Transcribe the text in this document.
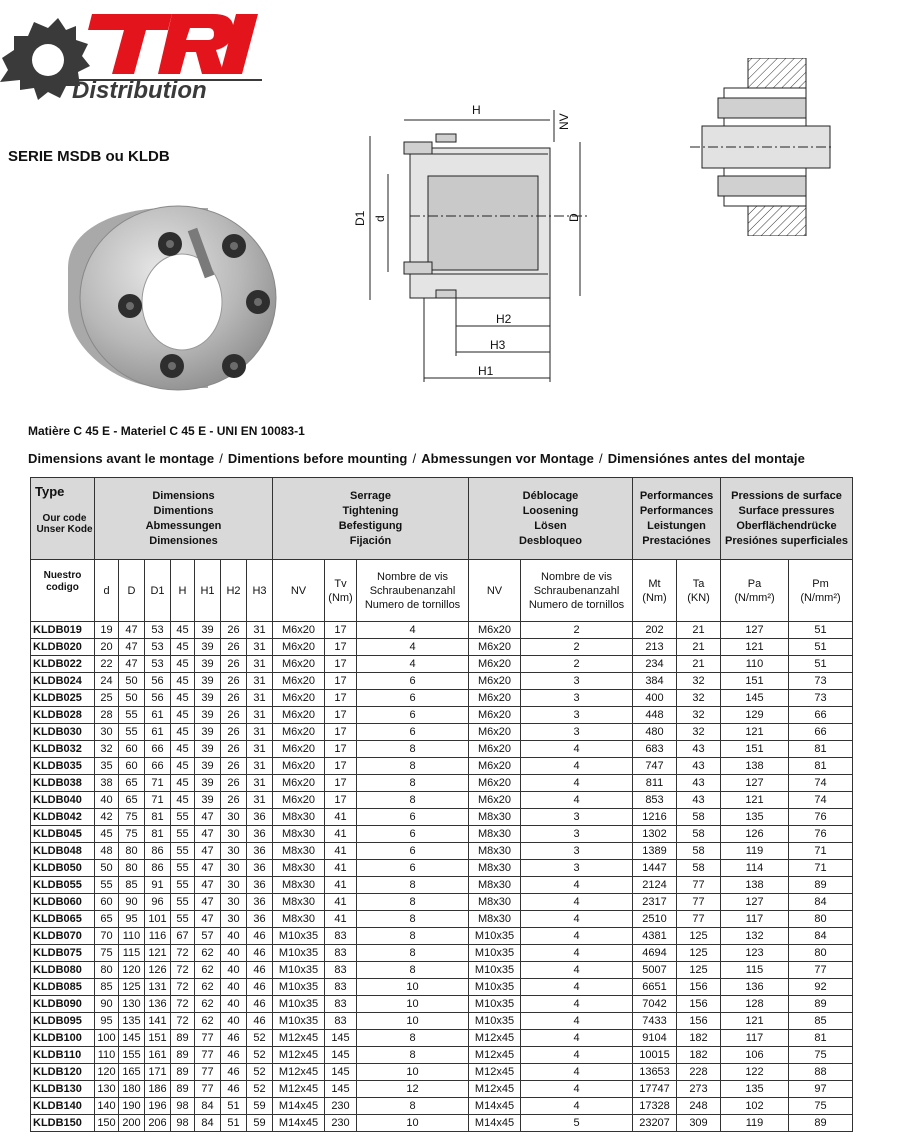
Distribution
SERIE MSDB ou KLDB
H
NV
D1 d	D
H2
H3
H1
Matière C 45 E - Materiel C 45 E - UNI EN 10083-1
Dimensions avant le montage / Dimentions before mounting / Abmessungen vor Montage / Dimensiónes antes del montaje
Type
Our code
Unser Kode	Dimensions
Dimentions
Abmessungen
Dimensiones							Serrage
Tightening
Befestigung
Fijación			Déblocage
Loosening
Lösen
Desbloqueo		Performances
Performances
Leistungen
Prestaciónes		Pressions de surface
Surface pressures
Oberflächendrücke
Presiónes superficiales	

Nuestro
codigo	d	D	D1	H	H1	H2	H3	NV	Tv
(Nm)	Nombre de vis
Schraubenanzahl
Numero de tornillos	NV	Nombre de vis
Schraubenanzahl
Numero de tornillos	Mt
(Nm)	Ta
(KN)	Pa
(N/mm²)	Pm
(N/mm²)

KLDB019	19	47	53	45	39	26	31	M6x20	17	4	M6x20	2	202	21	127	51
KLDB020	20	47	53	45	39	26	31	M6x20	17	4	M6x20	2	213	21	121	51
KLDB022	22	47	53	45	39	26	31	M6x20	17	4	M6x20	2	234	21	110	51
KLDB024	24	50	56	45	39	26	31	M6x20	17	6	M6x20	3	384	32	151	73
KLDB025	25	50	56	45	39	26	31	M6x20	17	6	M6x20	3	400	32	145	73
KLDB028	28	55	61	45	39	26	31	M6x20	17	6	M6x20	3	448	32	129	66
KLDB030	30	55	61	45	39	26	31	M6x20	17	6	M6x20	3	480	32	121	66
KLDB032	32	60	66	45	39	26	31	M6x20	17	8	M6x20	4	683	43	151	81
KLDB035	35	60	66	45	39	26	31	M6x20	17	8	M6x20	4	747	43	138	81
KLDB038	38	65	71	45	39	26	31	M6x20	17	8	M6x20	4	811	43	127	74
KLDB040	40	65	71	45	39	26	31	M6x20	17	8	M6x20	4	853	43	121	74
KLDB042	42	75	81	55	47	30	36	M8x30	41	6	M8x30	3	1216	58	135	76
KLDB045	45	75	81	55	47	30	36	M8x30	41	6	M8x30	3	1302	58	126	76
KLDB048	48	80	86	55	47	30	36	M8x30	41	6	M8x30	3	1389	58	119	71
KLDB050	50	80	86	55	47	30	36	M8x30	41	6	M8x30	3	1447	58	114	71
KLDB055	55	85	91	55	47	30	36	M8x30	41	8	M8x30	4	2124	77	138	89
KLDB060	60	90	96	55	47	30	36	M8x30	41	8	M8x30	4	2317	77	127	84
KLDB065	65	95	101	55	47	30	36	M8x30	41	8	M8x30	4	2510	77	117	80
KLDB070	70	110	116	67	57	40	46	M10x35	83	8	M10x35	4	4381	125	132	84
KLDB075	75	115	121	72	62	40	46	M10x35	83	8	M10x35	4	4694	125	123	80
KLDB080	80	120	126	72	62	40	46	M10x35	83	8	M10x35	4	5007	125	115	77
KLDB085	85	125	131	72	62	40	46	M10x35	83	10	M10x35	4	6651	156	136	92
KLDB090	90	130	136	72	62	40	46	M10x35	83	10	M10x35	4	7042	156	128	89
KLDB095	95	135	141	72	62	40	46	M10x35	83	10	M10x35	4	7433	156	121	85
KLDB100	100	145	151	89	77	46	52	M12x45	145	8	M12x45	4	9104	182	117	81
KLDB110	110	155	161	89	77	46	52	M12x45	145	8	M12x45	4	10015	182	106	75
KLDB120	120	165	171	89	77	46	52	M12x45	145	10	M12x45	4	13653	228	122	88
KLDB130	130	180	186	89	77	46	52	M12x45	145	12	M12x45	4	17747	273	135	97
KLDB140	140	190	196	98	84	51	59	M14x45	230	8	M14x45	4	17328	248	102	75
KLDB150	150	200	206	98	84	51	59	M14x45	230	10	M14x45	5	23207	309	119	89
